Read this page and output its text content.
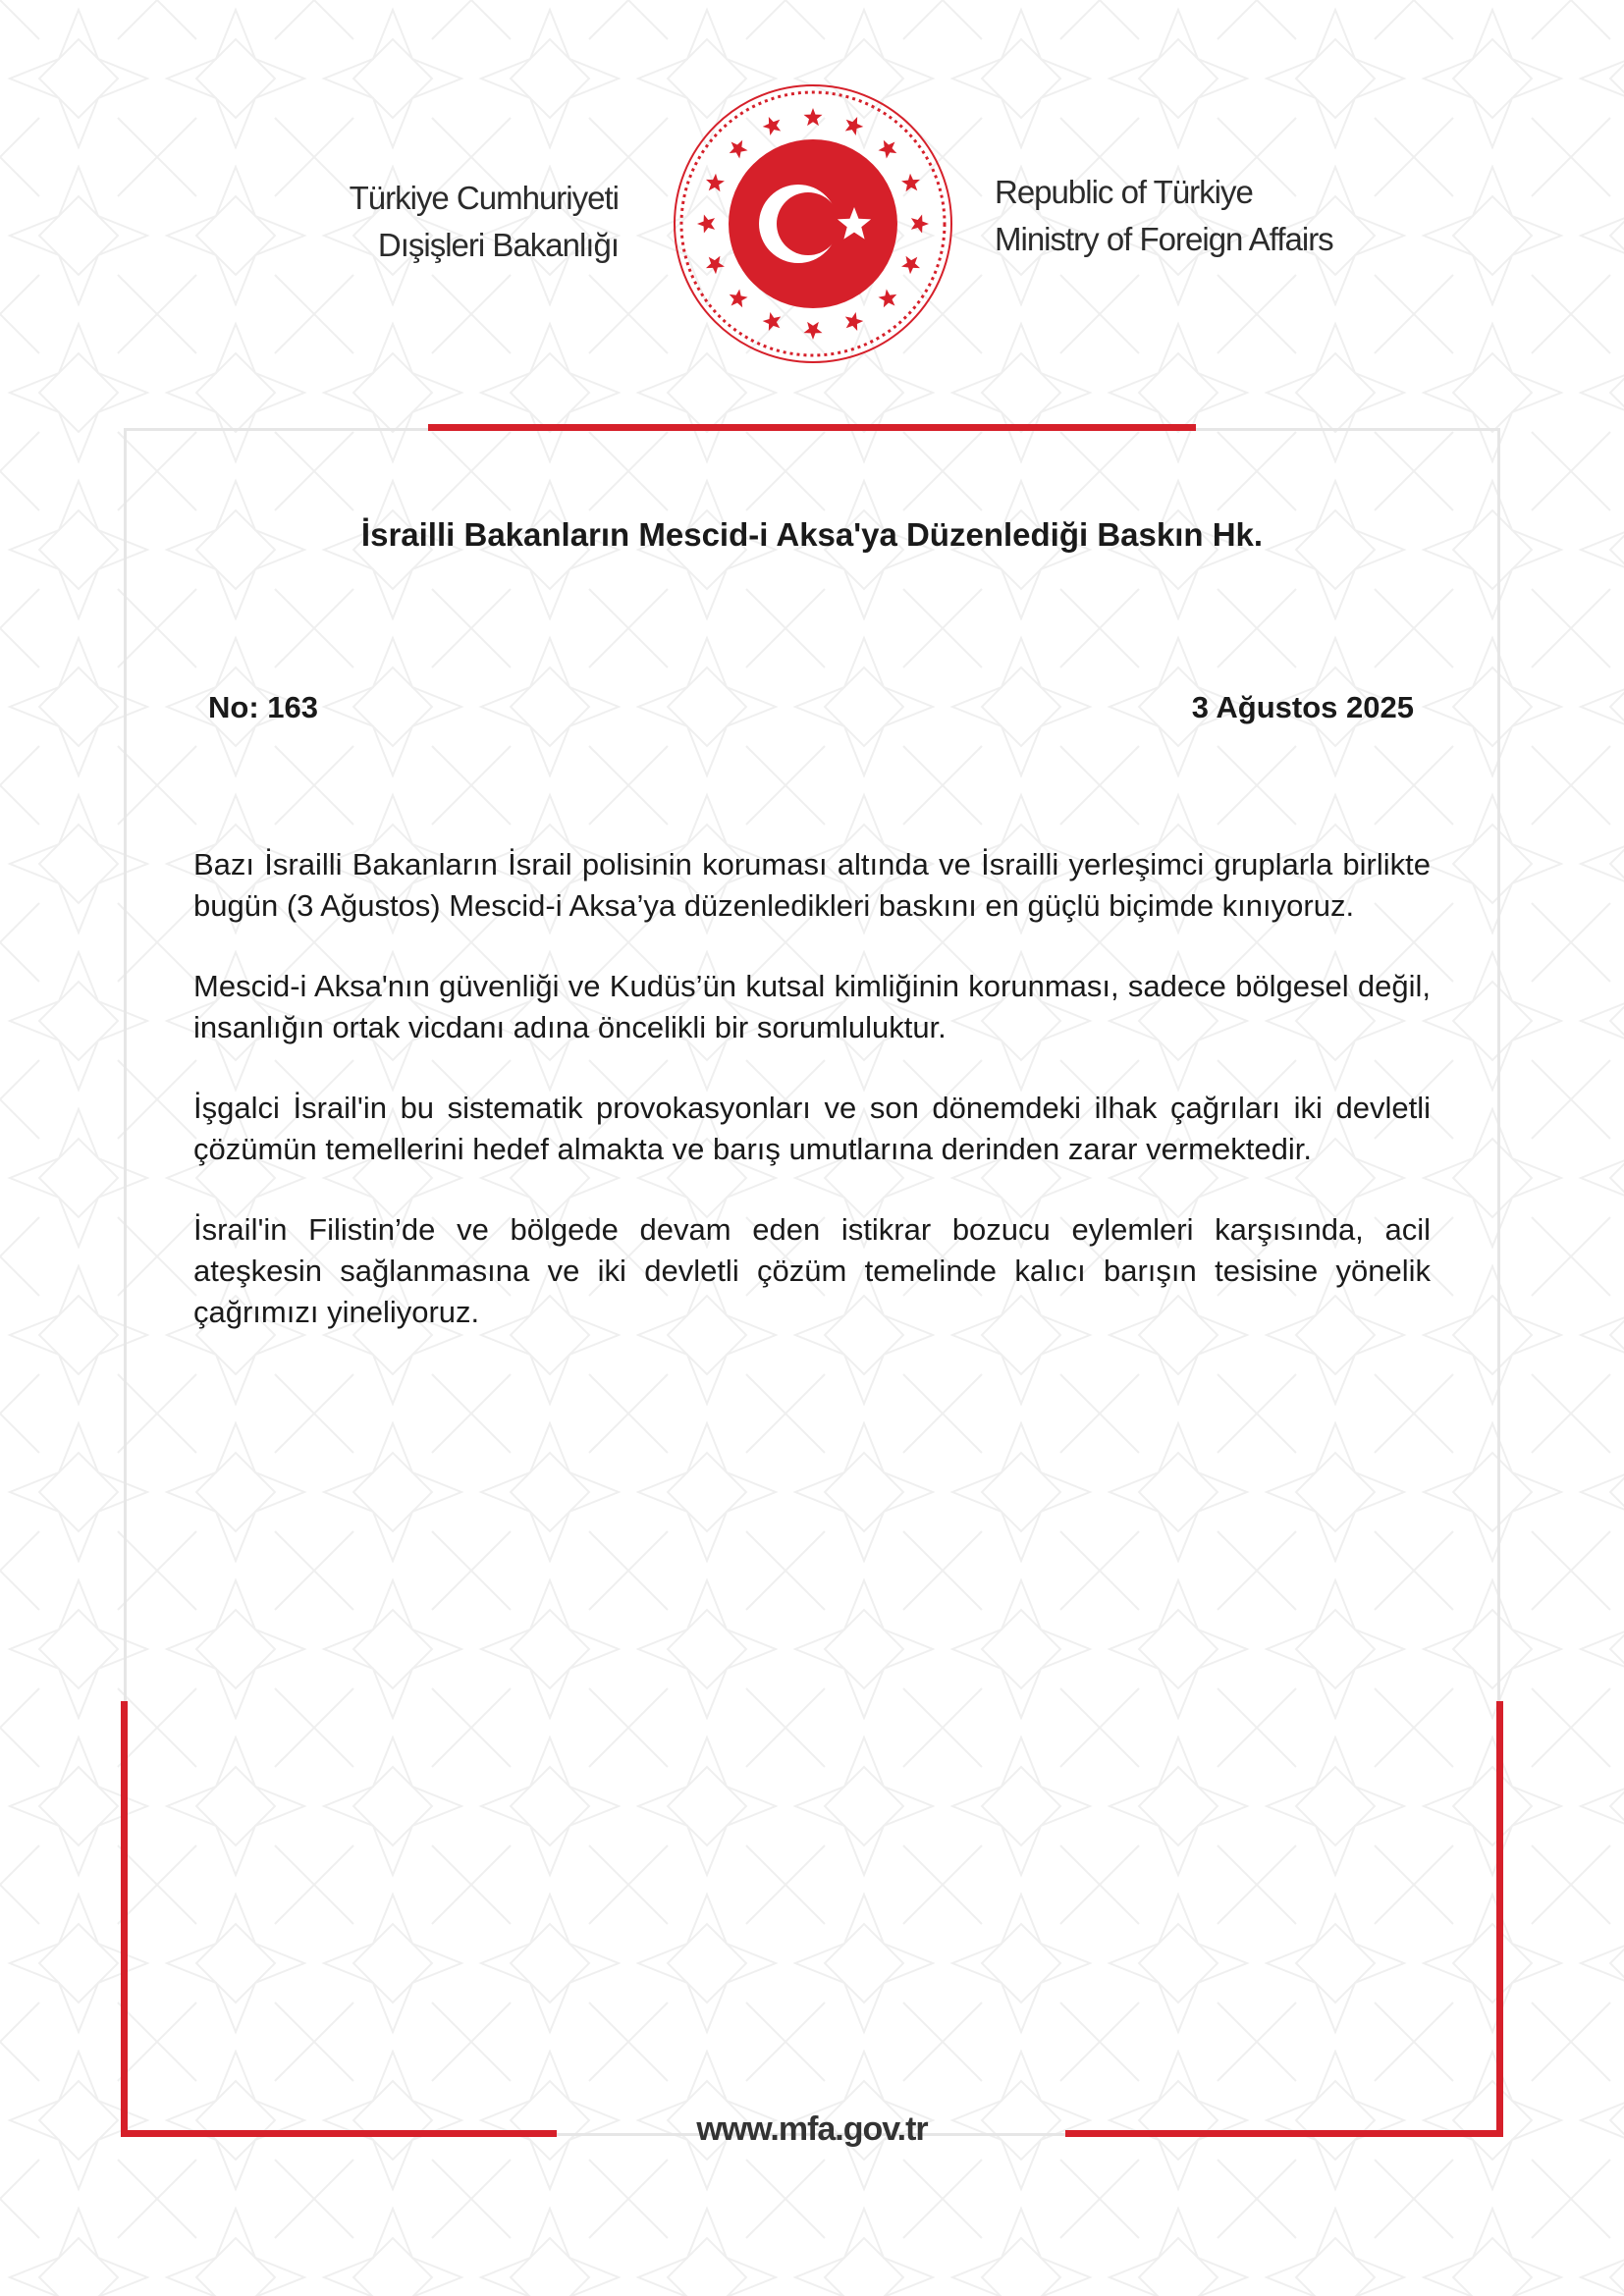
Türkiye Cumhuriyeti
Dışişleri Bakanlığı
Republic of Türkiye
Ministry of Foreign Affairs
İsrailli Bakanların Mescid-i Aksa'ya Düzenlediği Baskın Hk.
No: 163	3 Ağustos 2025

Bazı İsrailli Bakanların İsrail polisinin koruması altında ve İsrailli yerleşimci gruplarla birlikte bugün (3 Ağustos) Mescid-i Aksa’ya düzenledikleri baskını en güçlü biçimde kınıyoruz.

Mescid-i Aksa'nın güvenliği ve Kudüs’ün kutsal kimliğinin korunması, sadece bölgesel değil, insanlığın ortak vicdanı adına öncelikli bir sorumluluktur.

İşgalci İsrail'in bu sistematik provokasyonları ve son dönemdeki ilhak çağrıları iki devletli çözümün temellerini hedef almakta ve barış umutlarına derinden zarar vermektedir.

İsrail'in Filistin’de ve bölgede devam eden istikrar bozucu eylemleri karşısında, acil ateşkesin sağlanmasına ve iki devletli çözüm temelinde kalıcı barışın tesisine yönelik çağrımızı yineliyoruz.

www.mfa.gov.tr
